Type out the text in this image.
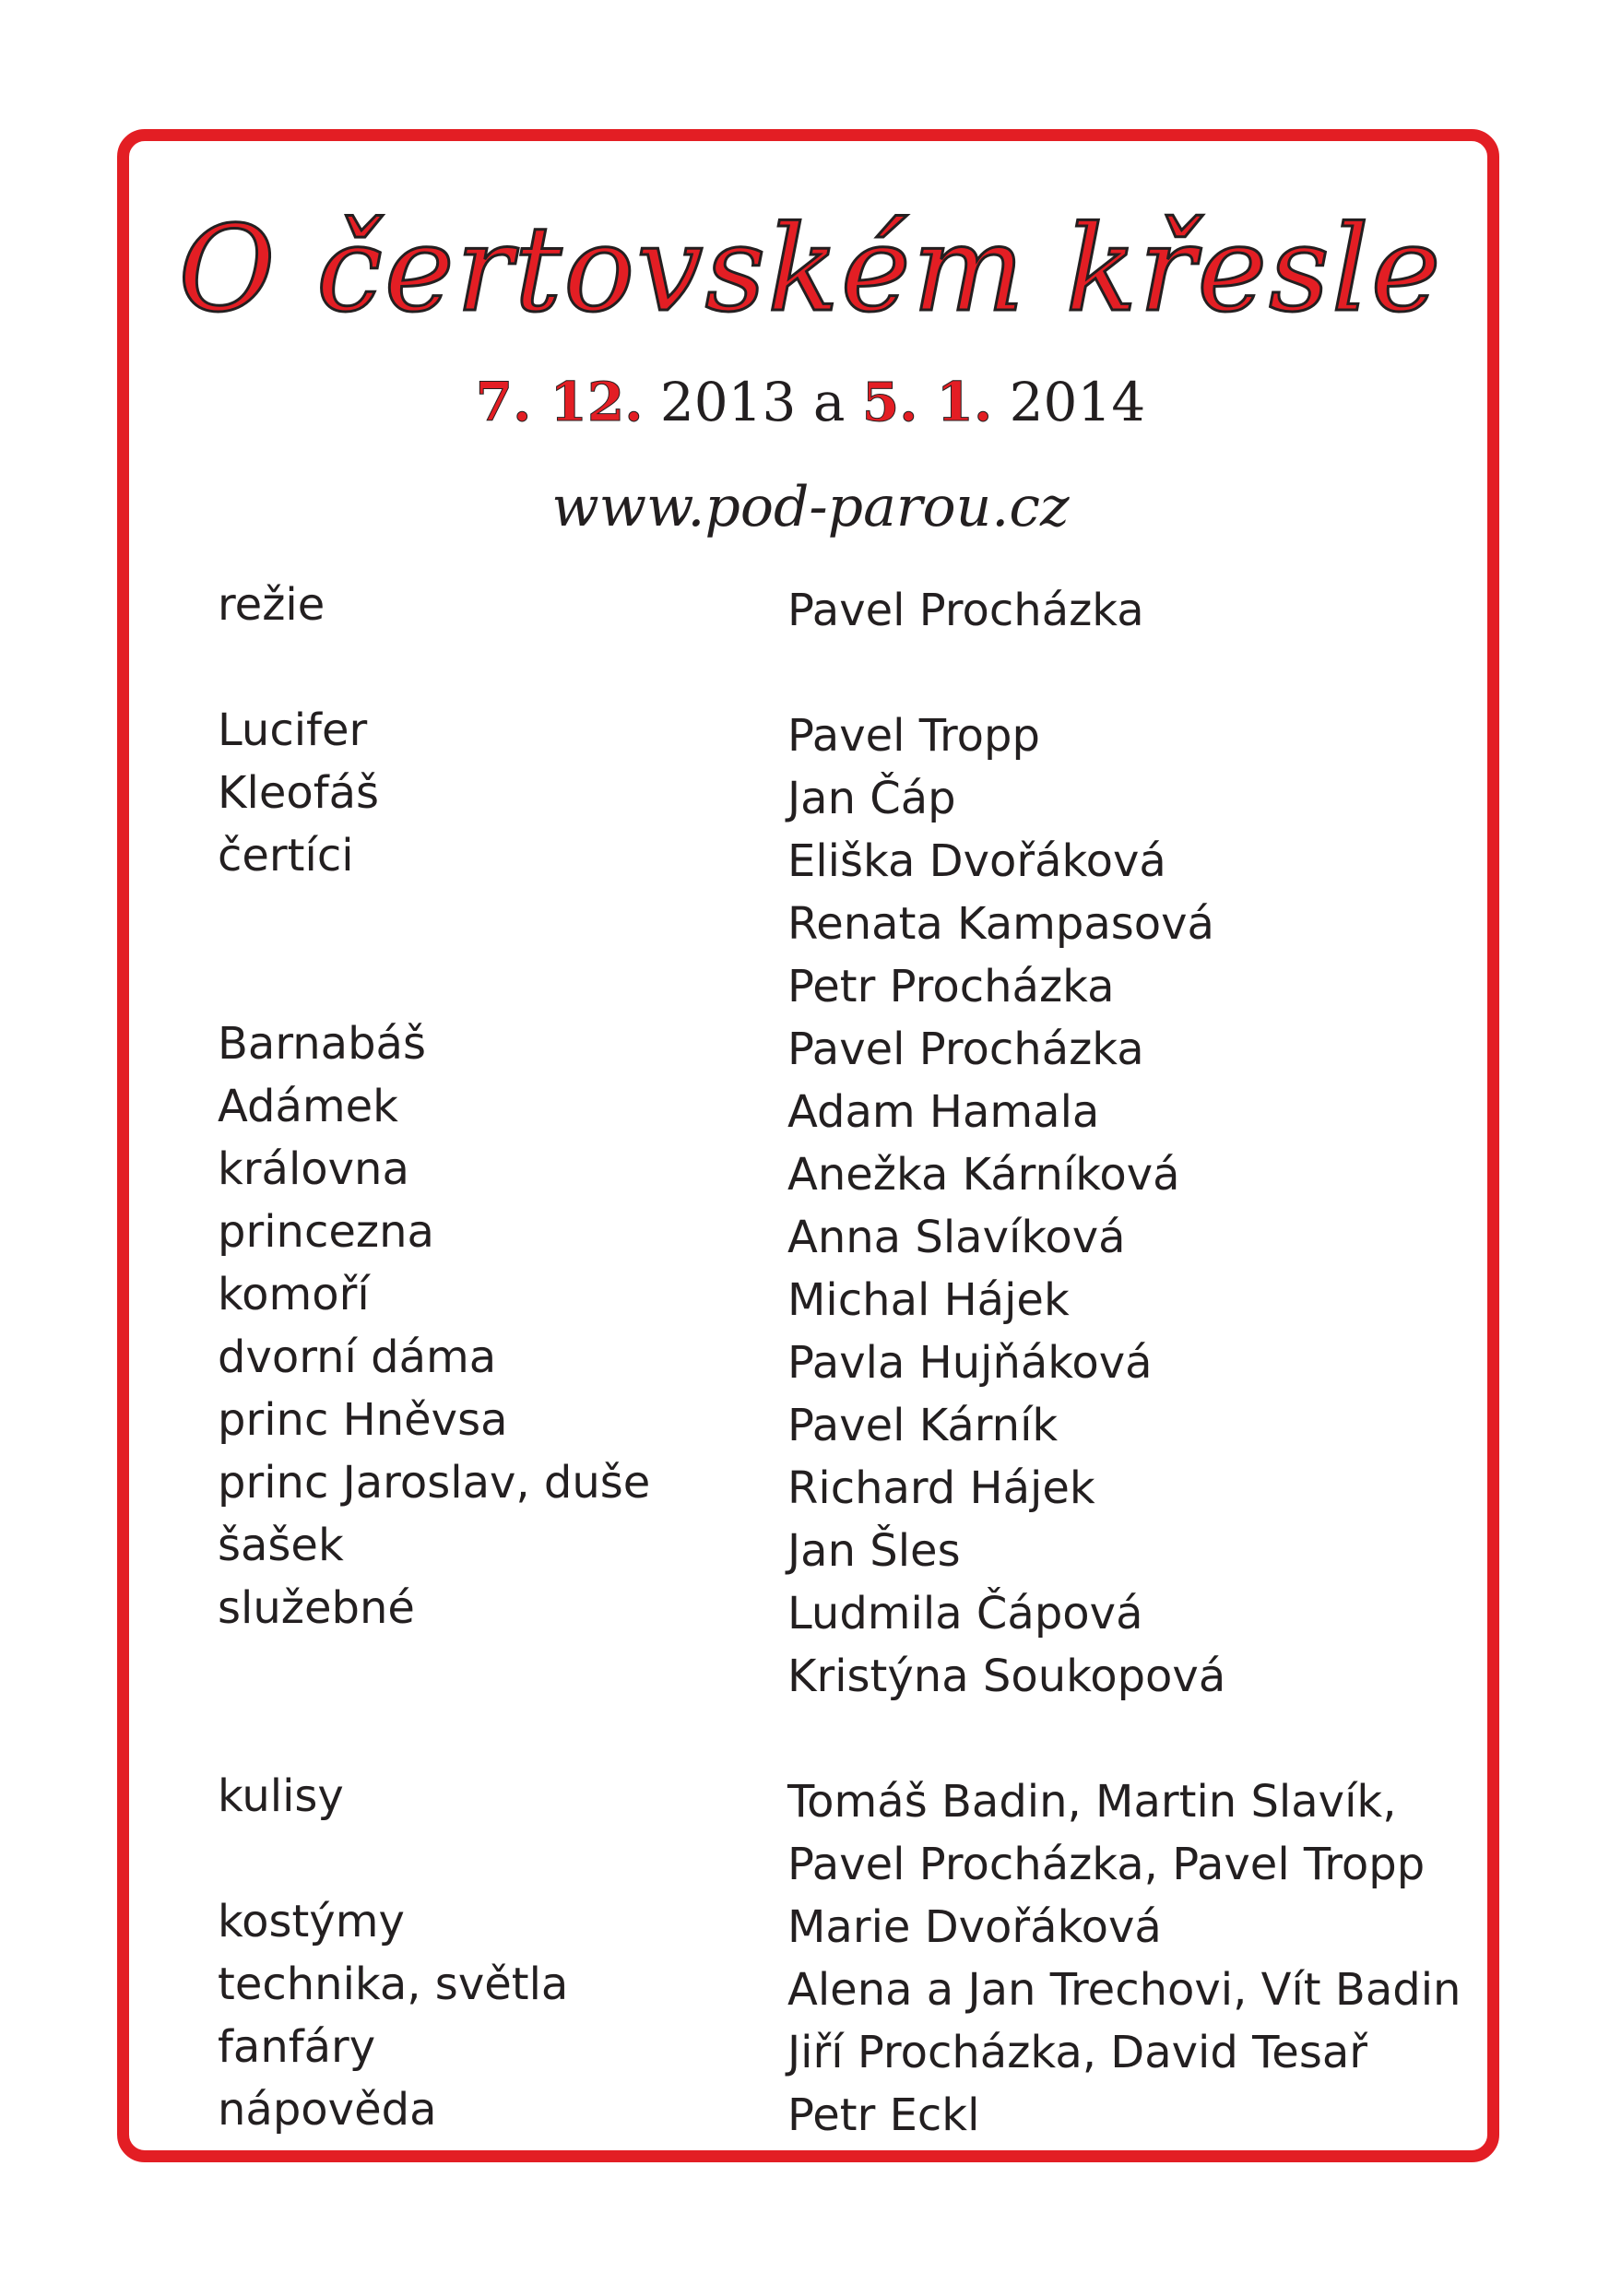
O čertovském křesle
7. 12. 2013 a 5. 1. 2014
www.pod-parou.cz
režie
Lucifer
Kleofáš
čertíci
Barnabáš
Adámek
královna
princezna
komoří
dvorní dáma
princ Hněvsa
princ Jaroslav, duše
šašek
služebné
kulisy
kostýmy
technika, světla
fanfáry
nápověda
Pavel Procházka
Pavel Tropp
Jan Čáp
Eliška Dvořáková
Renata Kampasová
Petr Procházka
Pavel Procházka
Adam Hamala
Anežka Kárníková
Anna Slavíková
Michal Hájek
Pavla Hujňáková
Pavel Kárník
Richard Hájek
Jan Šles
Ludmila Čápová
Kristýna Soukopová
Tomáš Badin, Martin Slavík,
Pavel Procházka, Pavel Tropp
Marie Dvořáková
Alena a Jan Trechovi, Vít Badin
Jiří Procházka, David Tesař
Petr Eckl
